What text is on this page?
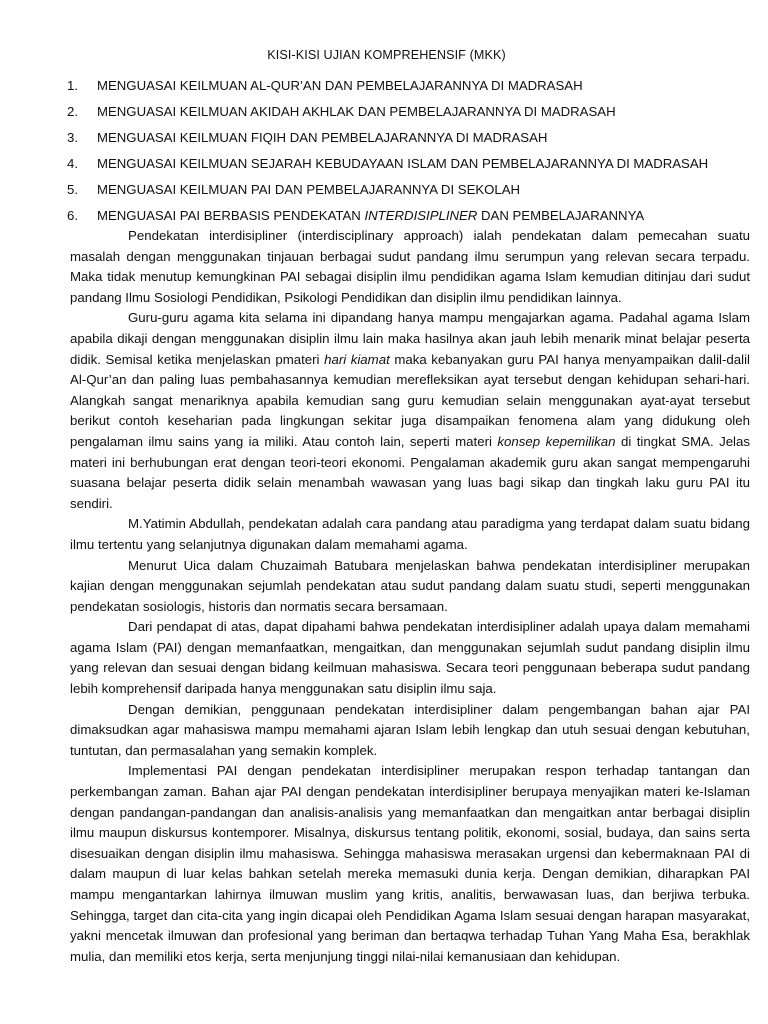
KISI-KISI UJIAN KOMPREHENSIF (MKK)
1.	MENGUASAI KEILMUAN AL-QUR’AN DAN PEMBELAJARANNYA DI MADRASAH
2.	MENGUASAI KEILMUAN AKIDAH AKHLAK DAN PEMBELAJARANNYA DI MADRASAH
3.	MENGUASAI KEILMUAN FIQIH DAN PEMBELAJARANNYA DI MADRASAH
4.	MENGUASAI KEILMUAN SEJARAH KEBUDAYAAN ISLAM DAN PEMBELAJARANNYA DI MADRASAH
5.	MENGUASAI KEILMUAN PAI DAN PEMBELAJARANNYA DI SEKOLAH
6.	MENGUASAI PAI BERBASIS PENDEKATAN INTERDISIPLINER DAN PEMBELAJARANNYA

Pendekatan interdisipliner (interdisciplinary approach) ialah pendekatan dalam pemecahan suatu masalah dengan menggunakan tinjauan berbagai sudut pandang ilmu serumpun yang relevan secara terpadu. Maka tidak menutup kemungkinan PAI sebagai disiplin ilmu pendidikan agama Islam kemudian ditinjau dari sudut pandang Ilmu Sosiologi Pendidikan, Psikologi Pendidikan dan disiplin ilmu pendidikan lainnya.

Guru-guru agama kita selama ini dipandang hanya mampu mengajarkan agama. Padahal agama Islam apabila dikaji dengan menggunakan disiplin ilmu lain maka hasilnya akan jauh lebih menarik minat belajar peserta didik. Semisal ketika menjelaskan pmateri hari kiamat maka kebanyakan guru PAI hanya menyampaikan dalil-dalil Al-Qur’an dan paling luas pembahasannya kemudian merefleksikan ayat tersebut dengan kehidupan sehari-hari. Alangkah sangat menariknya apabila kemudian sang guru kemudian selain menggunakan ayat-ayat tersebut berikut contoh keseharian pada lingkungan sekitar juga disampaikan fenomena alam yang didukung oleh pengalaman ilmu sains yang ia miliki. Atau contoh lain, seperti materi konsep kepemilikan di tingkat SMA. Jelas materi ini berhubungan erat dengan teori-teori ekonomi. Pengalaman akademik guru akan sangat mempengaruhi suasana belajar peserta didik selain menambah wawasan yang luas bagi sikap dan tingkah laku guru PAI itu sendiri.

M.Yatimin Abdullah, pendekatan adalah cara pandang atau paradigma yang terdapat dalam suatu bidang ilmu tertentu yang selanjutnya digunakan dalam memahami agama.

Menurut Uica dalam Chuzaimah Batubara menjelaskan bahwa pendekatan interdisipliner merupakan kajian dengan menggunakan sejumlah pendekatan atau sudut pandang dalam suatu studi, seperti menggunakan pendekatan sosiologis, historis dan normatis secara bersamaan.

Dari pendapat di atas, dapat dipahami bahwa pendekatan interdisipliner adalah upaya dalam memahami agama Islam (PAI) dengan memanfaatkan, mengaitkan, dan menggunakan sejumlah sudut pandang disiplin ilmu yang relevan dan sesuai dengan bidang keilmuan mahasiswa. Secara teori penggunaan beberapa sudut pandang lebih komprehensif daripada hanya menggunakan satu disiplin ilmu saja.

Dengan demikian, penggunaan pendekatan interdisipliner dalam pengembangan bahan ajar PAI dimaksudkan agar mahasiswa mampu memahami ajaran Islam lebih lengkap dan utuh sesuai dengan kebutuhan, tuntutan, dan permasalahan yang semakin komplek.

Implementasi PAI dengan pendekatan interdisipliner merupakan respon terhadap tantangan dan perkembangan zaman. Bahan ajar PAI dengan pendekatan interdisipliner berupaya menyajikan materi ke-Islaman dengan pandangan-pandangan dan analisis-analisis yang memanfaatkan dan mengaitkan antar berbagai disiplin ilmu maupun diskursus kontemporer. Misalnya, diskursus tentang politik, ekonomi, sosial, budaya, dan sains serta disesuaikan dengan disiplin ilmu mahasiswa. Sehingga mahasiswa merasakan urgensi dan kebermaknaan PAI di dalam maupun di luar kelas bahkan setelah mereka memasuki dunia kerja. Dengan demikian, diharapkan PAI mampu mengantarkan lahirnya ilmuwan muslim yang kritis, analitis, berwawasan luas, dan berjiwa terbuka. Sehingga, target dan cita-cita yang ingin dicapai oleh Pendidikan Agama Islam sesuai dengan harapan masyarakat, yakni mencetak ilmuwan dan profesional yang beriman dan bertaqwa terhadap Tuhan Yang Maha Esa, berakhlak mulia, dan memiliki etos kerja, serta menjunjung tinggi nilai-nilai kemanusiaan dan kehidupan.
